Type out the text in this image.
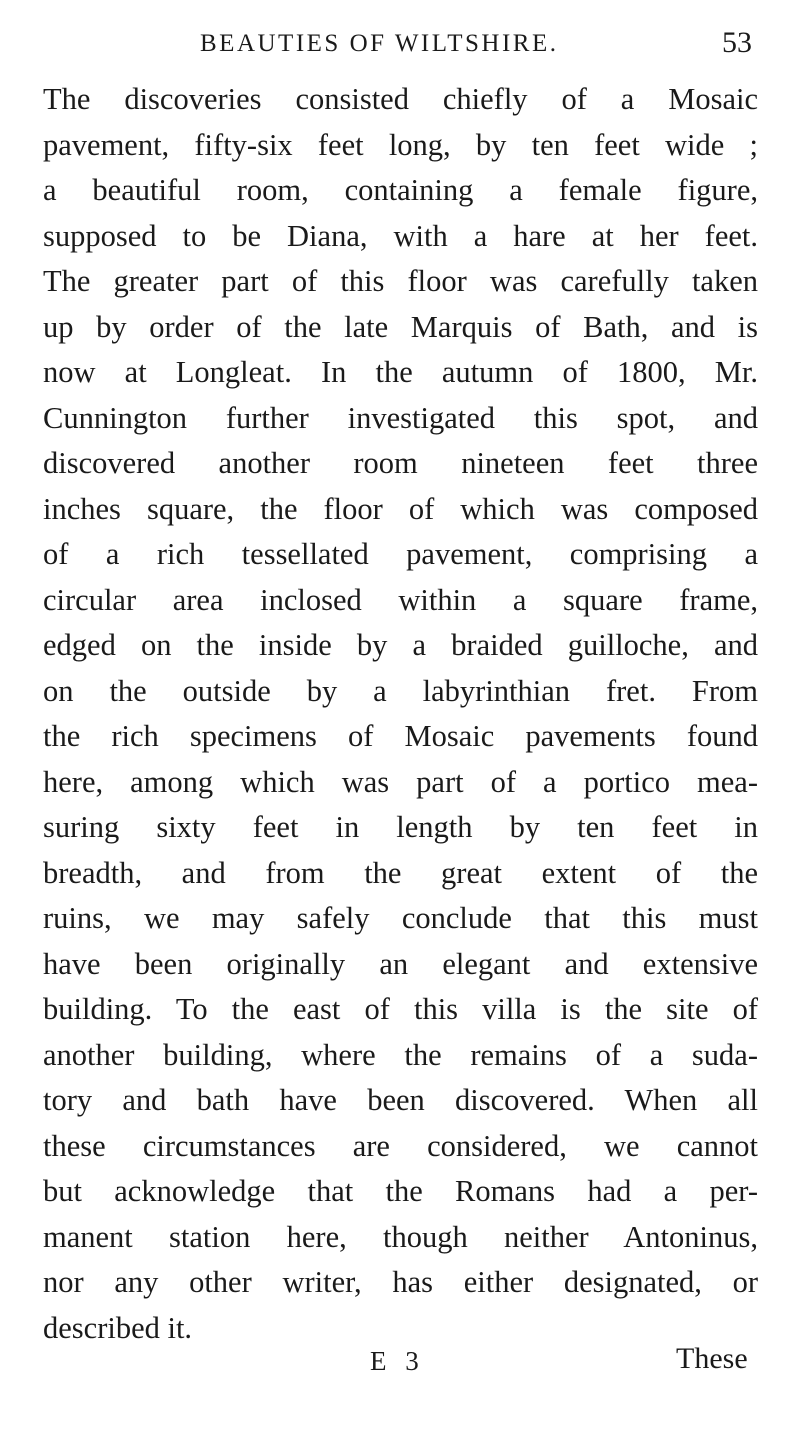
BEAUTIES OF WILTSHIRE.	53
The discoveries consisted chiefly of a Mosaic
pavement, fifty-six feet long, by ten feet wide ;
a beautiful room, containing a female figure,
supposed to be Diana, with a hare at her feet.
The greater part of this floor was carefully taken
up by order of the late Marquis of Bath, and is
now at Longleat. In the autumn of 1800, Mr.
Cunnington further investigated this spot, and
discovered another room nineteen feet three
inches square, the floor of which was composed
of a rich tessellated pavement, comprising a
circular area inclosed within a square frame,
edged on the inside by a braided guilloche, and
on the outside by a labyrinthian fret. From
the rich specimens of Mosaic pavements found
here, among which was part of a portico mea-
suring sixty feet in length by ten feet in
breadth, and from the great extent of the
ruins, we may safely conclude that this must
have been originally an elegant and extensive
building. To the east of this villa is the site of
another building, where the remains of a suda-
tory and bath have been discovered. When all
these circumstances are considered, we cannot
but acknowledge that the Romans had a per-
manent station here, though neither Antoninus,
nor any other writer, has either designated, or
described it.
E 3	These
